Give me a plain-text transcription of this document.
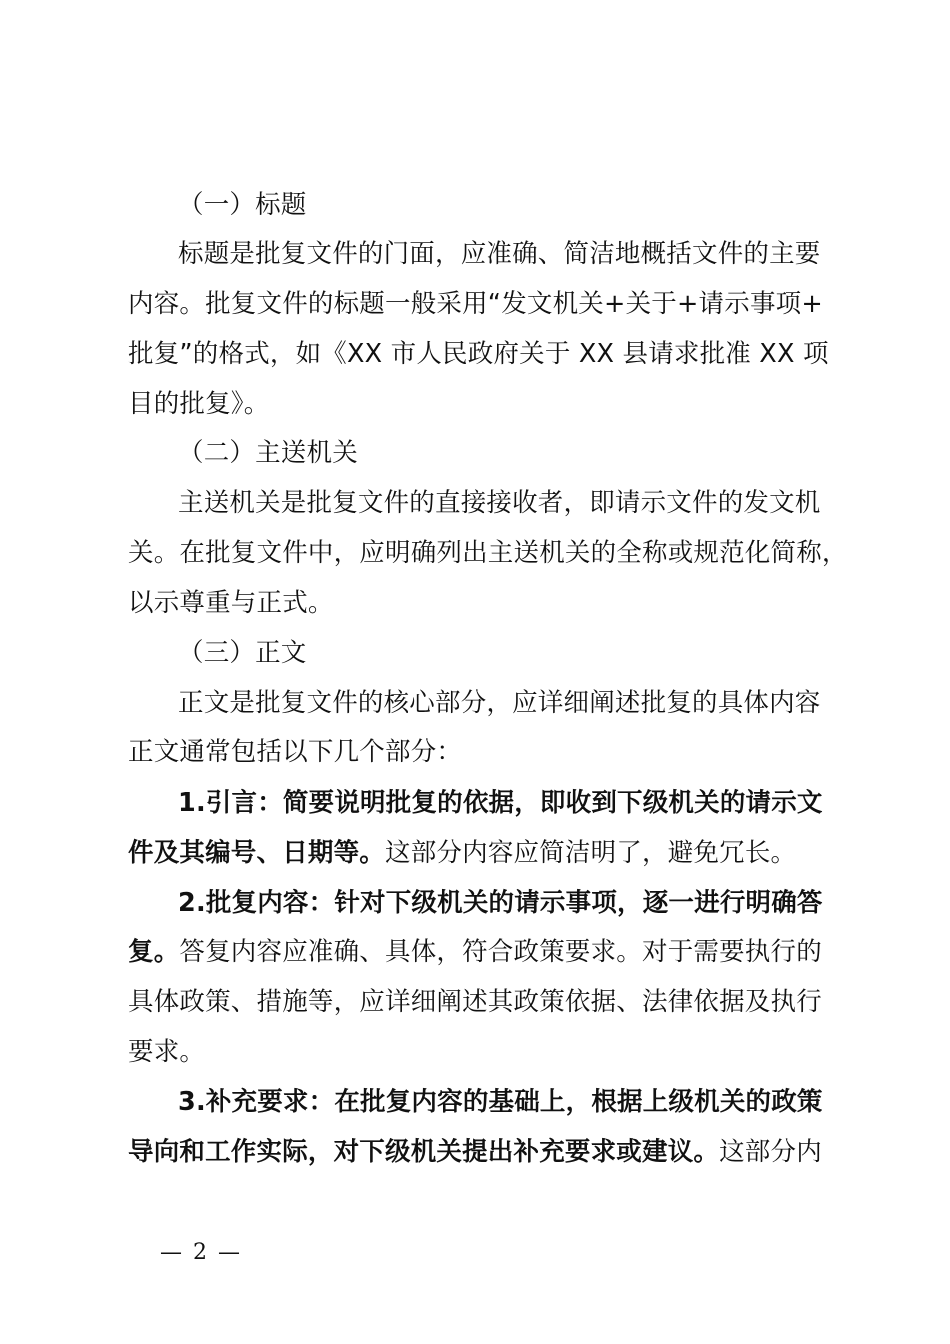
（一）标题
标题是批复文件的门面，应准确、简洁地概括文件的主要
内容。批复文件的标题一般采用“发文机关+关于+请示事项+
批复”的格式，如《XX 市人民政府关于 XX 县请求批准 XX 项
目的批复》。
（二）主送机关
主送机关是批复文件的直接接收者，即请示文件的发文机
关。在批复文件中，应明确列出主送机关的全称或规范化简称，
以示尊重与正式。
（三）正文
正文是批复文件的核心部分，应详细阐述批复的具体内容
正文通常包括以下几个部分：
1.引言：简要说明批复的依据，即收到下级机关的请示文
件及其编号、日期等。这部分内容应简洁明了，避免冗长。
2.批复内容：针对下级机关的请示事项，逐一进行明确答
复。答复内容应准确、具体，符合政策要求。对于需要执行的
具体政策、措施等，应详细阐述其政策依据、法律依据及执行
要求。
3.补充要求：在批复内容的基础上，根据上级机关的政策
导向和工作实际，对下级机关提出补充要求或建议。这部分内
— 2 —
